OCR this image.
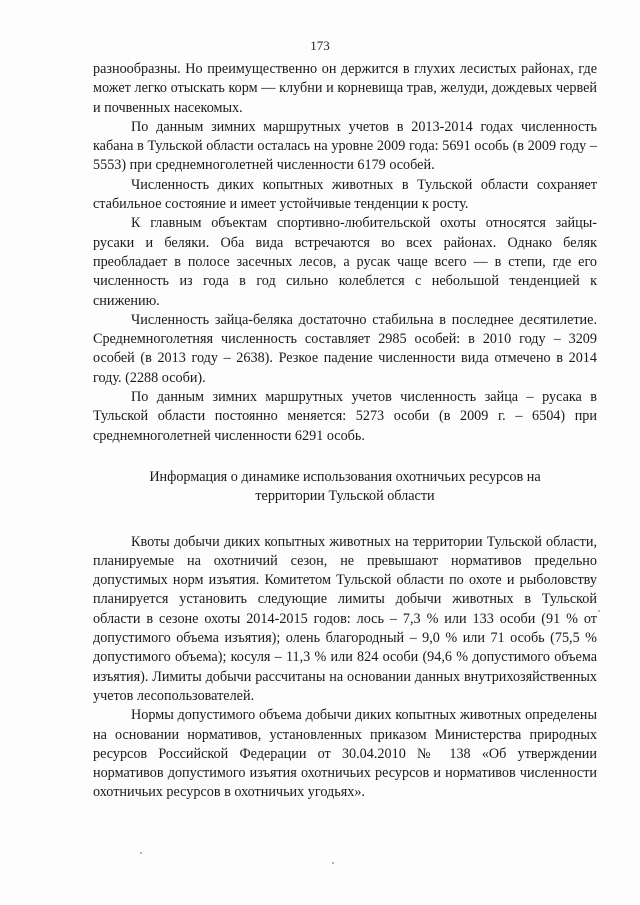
173

разнообразны. Но преимущественно он держится в глухих лесистых районах, где может легко отыскать корм — клубни и корневища трав, желуди, дождевых червей и почвенных насекомых.

По данным зимних маршрутных учетов в 2013-2014 годах численность кабана в Тульской области осталась на уровне 2009 года: 5691 особь (в 2009 году – 5553) при среднемноголетней численности 6179 особей.

Численность диких копытных животных в Тульской области сохраняет стабильное состояние и имеет устойчивые тенденции к росту.

К главным объектам спортивно-любительской охоты относятся зайцы-русаки и беляки. Оба вида встречаются во всех районах. Однако беляк преобладает в полосе засечных лесов, а русак чаще всего — в степи, где его численность из года в год сильно колеблется с небольшой тенденцией к снижению.

Численность зайца-беляка достаточно стабильна в последнее десятилетие. Среднемноголетняя численность составляет 2985 особей: в 2010 году – 3209 особей (в 2013 году – 2638). Резкое падение численности вида отмечено в 2014 году. (2288 особи).

По данным зимних маршрутных учетов численность зайца – русака в Тульской области постоянно меняется: 5273 особи (в 2009 г. – 6504) при среднемноголетней численности 6291 особь.

Информация о динамике использования охотничьих ресурсов на

территории Тульской области

Квоты добычи диких копытных животных на территории Тульской области, планируемые на охотничий сезон, не превышают нормативов предельно допустимых норм изъятия. Комитетом Тульской области по охоте и рыболовству планируется установить следующие лимиты добычи животных в Тульской области в сезоне охоты 2014-2015 годов: лось – 7,3 % или 133 особи (91 % от допустимого объема изъятия); олень благородный – 9,0 % или 71 особь (75,5 % допустимого объема); косуля – 11,3 % или 824 особи (94,6 % допустимого объема изъятия). Лимиты добычи рассчитаны на основании данных внутрихозяйственных учетов лесопользователей.

Нормы допустимого объема добычи диких копытных животных определены на основании нормативов, установленных приказом Министерства природных ресурсов Российской Федерации от 30.04.2010 № 138 «Об утверждении нормативов допустимого изъятия охотничьих ресурсов и нормативов численности охотничьих ресурсов в охотничьих угодьях».
